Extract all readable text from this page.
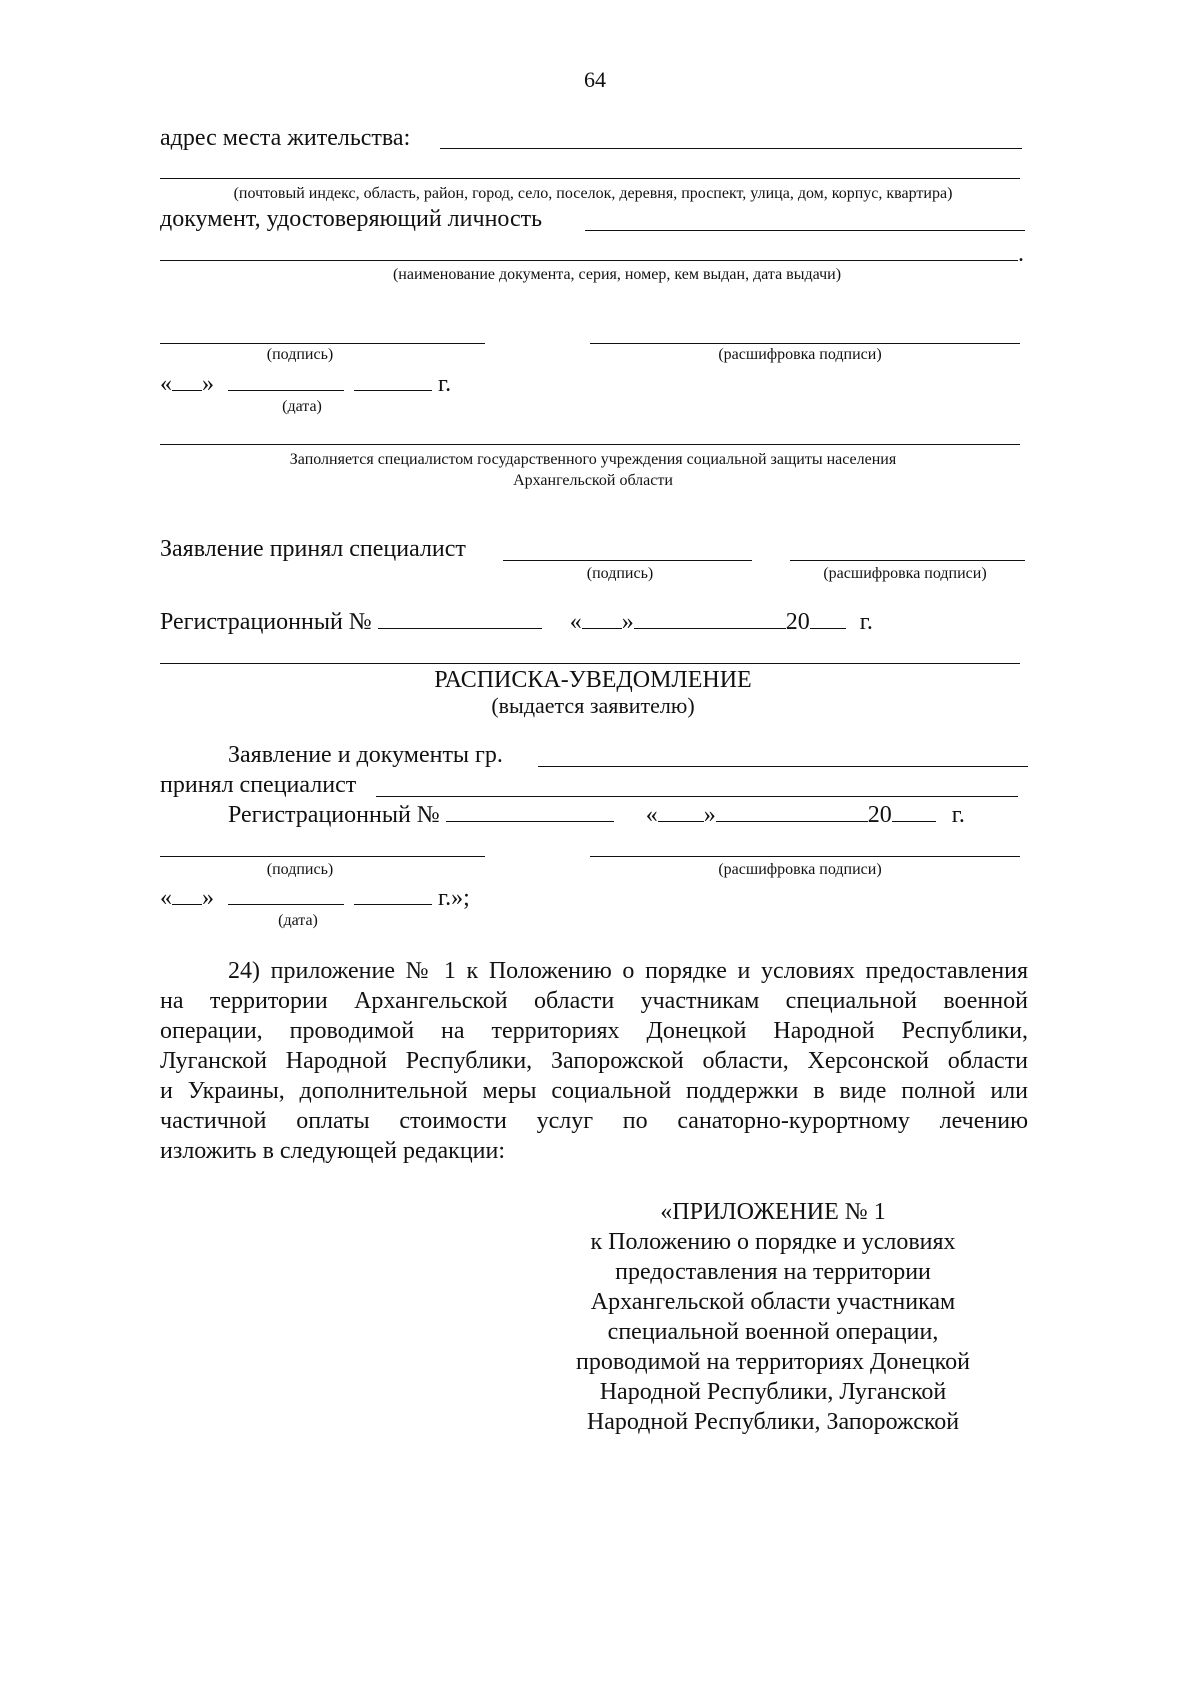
64
адрес места жительства:
(почтовый индекс, область, район, город, село, поселок, деревня, проспект, улица, дом, корпус, квартира)
документ, удостоверяющий личность
.
(наименование документа, серия, номер, кем выдан, дата выдачи)
(подпись)	(расшифровка подписи)
« »	г.
(дата)
Заполняется специалистом государственного учреждения социальной защиты населения
Архангельской области
Заявление принял специалист
(подпись)	(расшифровка подписи)
Регистрационный №	« »	20 г.
РАСПИСКА-УВЕДОМЛЕНИЕ
(выдается заявителю)
Заявление и документы гр.
принял специалист
Регистрационный №	« »	20	г.
(подпись)	(расшифровка подписи)
« »	г.»;
(дата)
24) приложение № 1 к Положению о порядке и условиях предоставления
на территории Архангельской области участникам специальной военной
операции, проводимой на территориях Донецкой Народной Республики,
Луганской Народной Республики, Запорожской области, Херсонской области
и Украины, дополнительной меры социальной поддержки в виде полной или
частичной оплаты стоимости услуг по санаторно-курортному лечению
изложить в следующей редакции:
«ПРИЛОЖЕНИЕ № 1
к Положению о порядке и условиях
предоставления на территории
Архангельской области участникам
специальной военной операции,
проводимой на территориях Донецкой
Народной Республики, Луганской
Народной Республики, Запорожской
